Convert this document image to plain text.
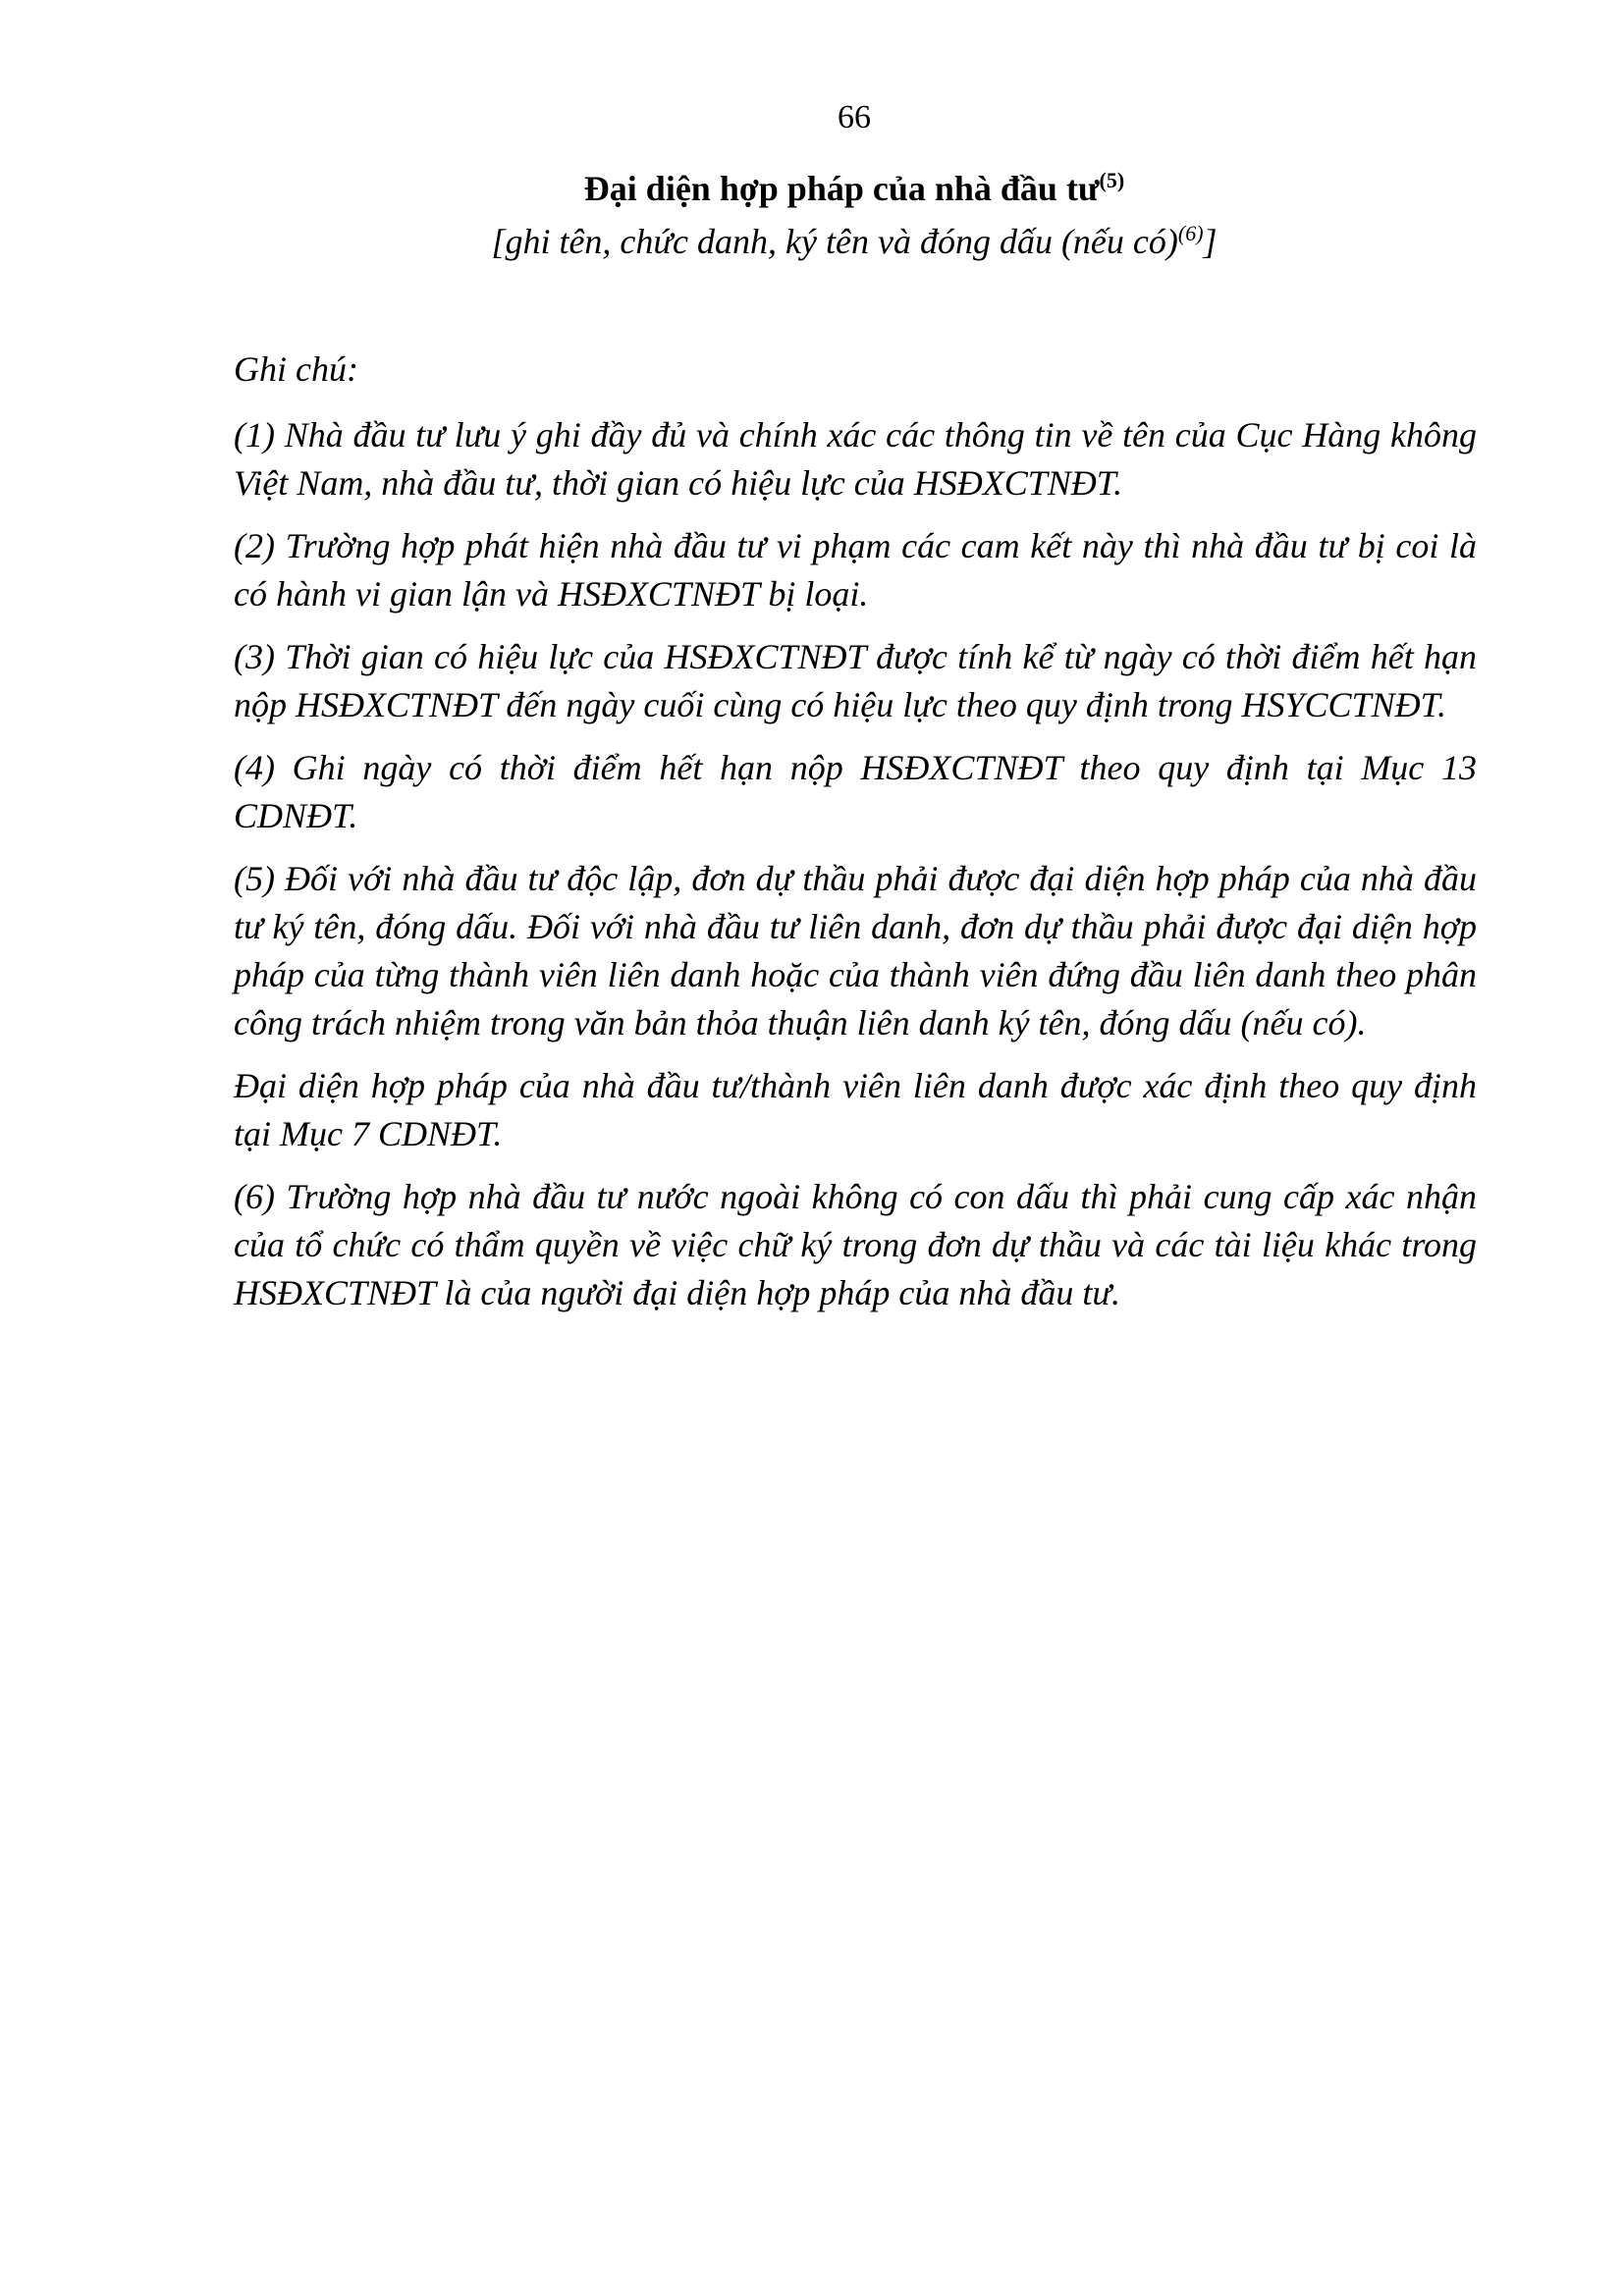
66
Đại diện hợp pháp của nhà đầu $tư^{(5)}$
[ghi tên, chức danh, ký tên và đóng dấu (nếu có)$^{(6)}$]

Ghi chú:

(1) Nhà đầu tư lưu ý ghi đầy đủ và chính xác các thông tin về tên của Cục Hàng không Việt Nam, nhà đầu tư, thời gian có hiệu lực của HSĐXCTNĐT.

(2) Trường hợp phát hiện nhà đầu tư vi phạm các cam kết này thì nhà đầu tư bị coi là có hành vi gian lận và HSĐXCTNĐT bị loại.

(3) Thời gian có hiệu lực của HSĐXCTNĐT được tính kể từ ngày có thời điểm hết hạn nộp HSĐXCTNĐT đến ngày cuối cùng có hiệu lực theo quy định trong HSYCCTNĐT.

(4) Ghi ngày có thời điểm hết hạn nộp HSĐXCTNĐT theo quy định tại Mục 13 CDNĐT.

(5) Đối với nhà đầu tư độc lập, đơn dự thầu phải được đại diện hợp pháp của nhà đầu tư ký tên, đóng dấu. Đối với nhà đầu tư liên danh, đơn dự thầu phải được đại diện hợp pháp của từng thành viên liên danh hoặc của thành viên đứng đầu liên danh theo phân công trách nhiệm trong văn bản thỏa thuận liên danh ký tên, đóng dấu (nếu có).

Đại diện hợp pháp của nhà đầu tư/thành viên liên danh được xác định theo quy định tại Mục 7 CDNĐT.

(6) Trường hợp nhà đầu tư nước ngoài không có con dấu thì phải cung cấp xác nhận của tổ chức có thẩm quyền về việc chữ ký trong đơn dự thầu và các tài liệu khác trong HSĐXCTNĐT là của người đại diện hợp pháp của nhà đầu tư.
